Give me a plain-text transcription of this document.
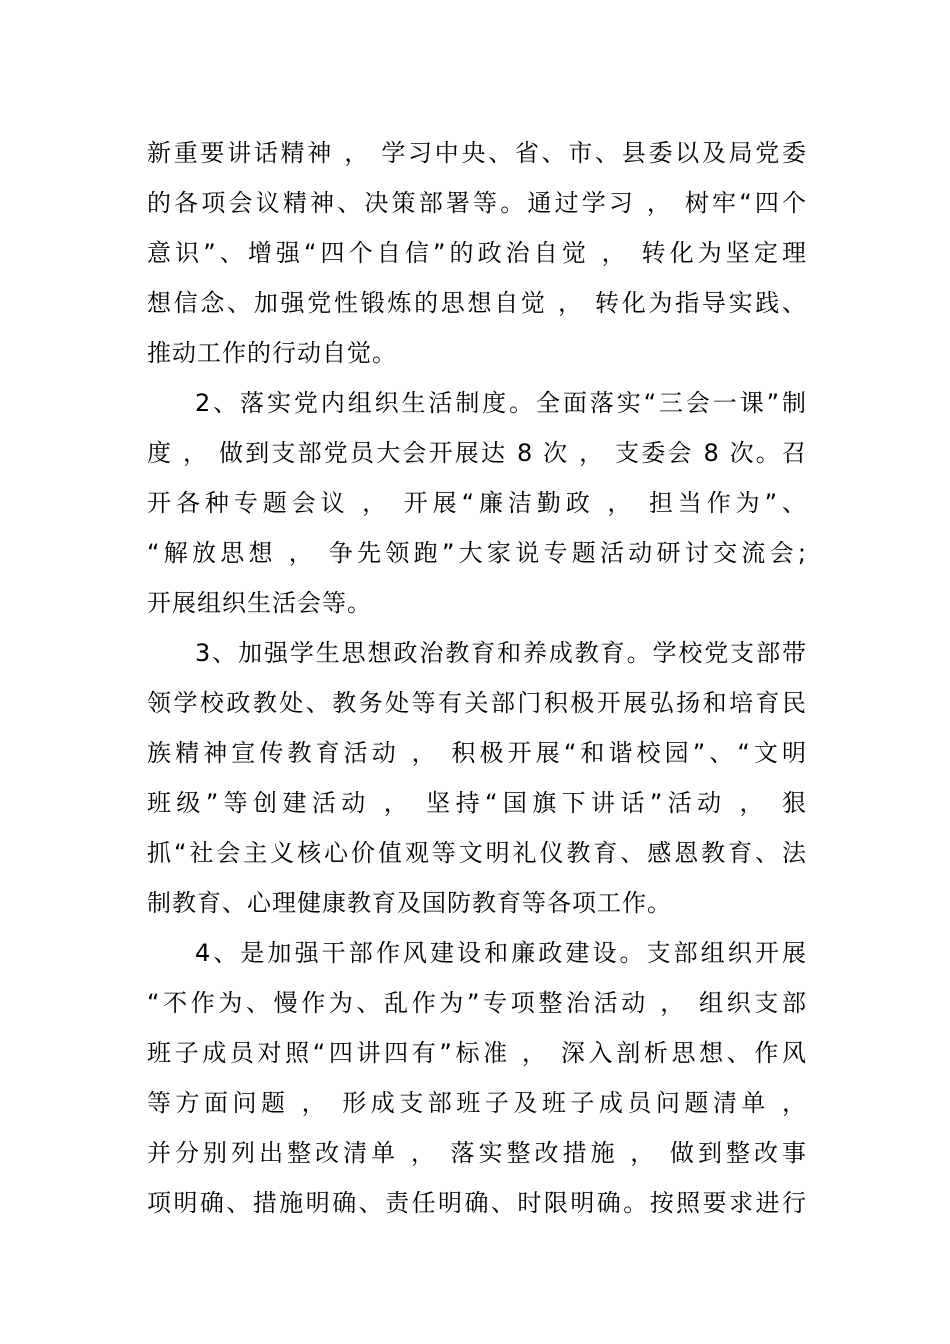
新重要讲话精神 ， 学习中央、省、市、县委以及局党委
的各项会议精神、决策部署等。通过学习 ， 树牢“四个
意识”、增强“四个自信”的政治自觉 ， 转化为坚定理
想信念、加强党性锻炼的思想自觉 ， 转化为指导实践、
推动工作的行动自觉。
2、落实党内组织生活制度。全面落实“三会一课”制
度 ， 做到支部党员大会开展达 8 次 ， 支委会 8 次。召
开各种专题会议 ， 开展“廉洁勤政 ， 担当作为”、
“解放思想 ， 争先领跑”大家说专题活动研讨交流会;
开展组织生活会等。
3、加强学生思想政治教育和养成教育。学校党支部带
领学校政教处、教务处等有关部门积极开展弘扬和培育民
族精神宣传教育活动 ， 积极开展“和谐校园”、“文明
班级”等创建活动 ， 坚持“国旗下讲话”活动 ， 狠
抓“社会主义核心价值观等文明礼仪教育、感恩教育、法
制教育、心理健康教育及国防教育等各项工作。
4、是加强干部作风建设和廉政建设。支部组织开展
“不作为、慢作为、乱作为”专项整治活动 ， 组织支部
班子成员对照“四讲四有”标准 ， 深入剖析思想、作风
等方面问题 ， 形成支部班子及班子成员问题清单 ，
并分别列出整改清单 ， 落实整改措施 ， 做到整改事
项明确、措施明确、责任明确、时限明确。按照要求进行
